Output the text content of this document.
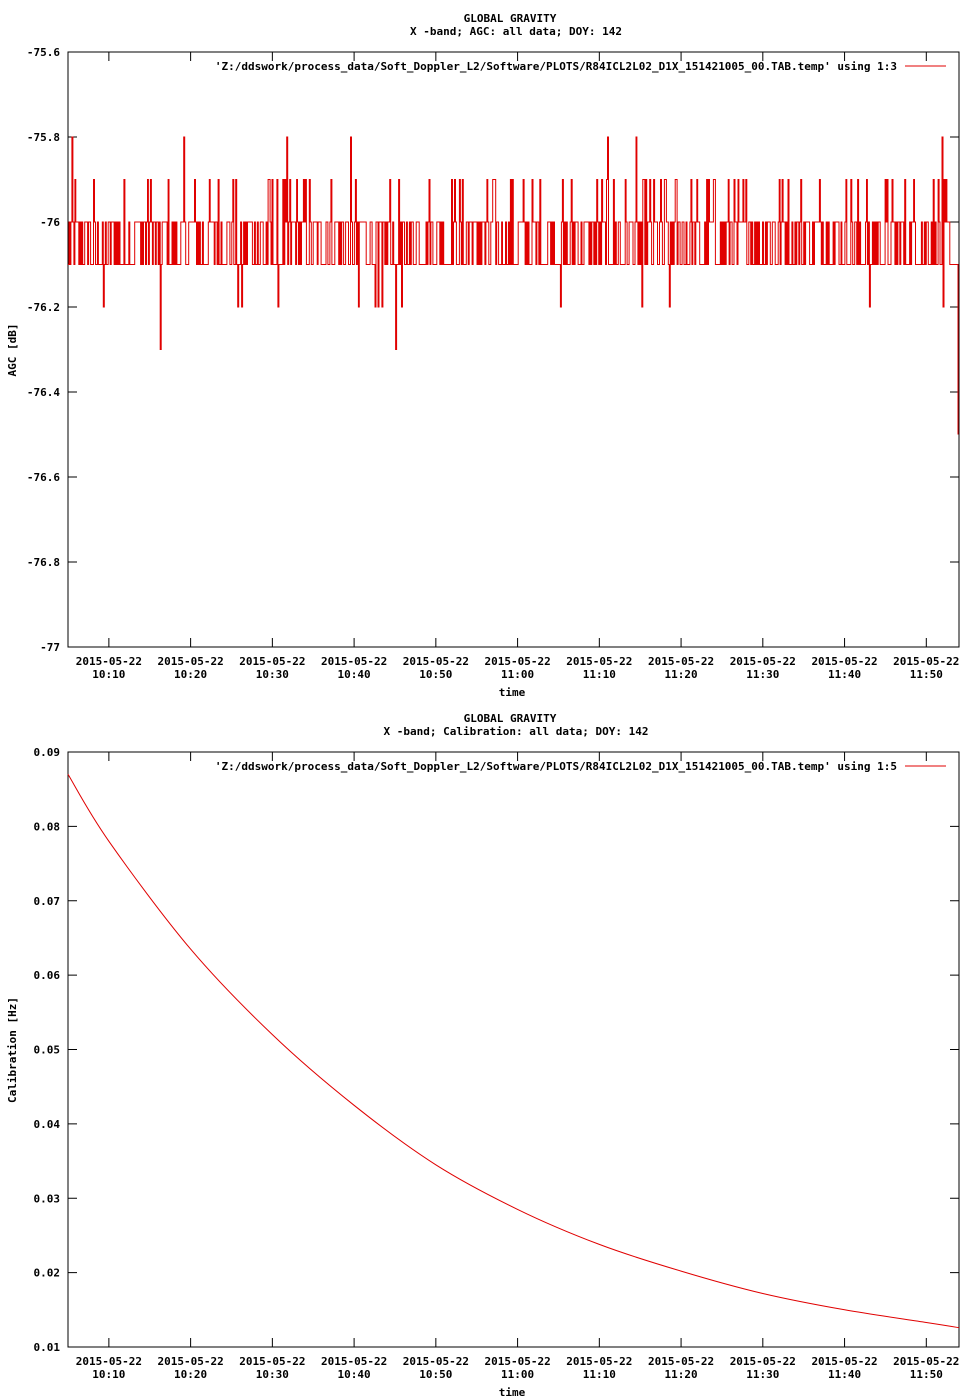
GLOBAL GRAVITY
X -band; AGC: all data; DOY: 142
AGC [dB]
time
'Z:/ddswork/process_data/Soft_Doppler_L2/Software/PLOTS/R84ICL2L02_D1X_151421005_00.TAB.temp' using 1:3
-75.6
-75.8
-76
-76.2
-76.4
-76.6
-76.8
-77
2015-05-22
10:10
2015-05-22
10:20
2015-05-22
10:30
2015-05-22
10:40
2015-05-22
10:50
2015-05-22
11:00
2015-05-22
11:10
2015-05-22
11:20
2015-05-22
11:30
2015-05-22
11:40
2015-05-22
11:50
GLOBAL GRAVITY
X -band; Calibration: all data; DOY: 142
Calibration [Hz]
time
'Z:/ddswork/process_data/Soft_Doppler_L2/Software/PLOTS/R84ICL2L02_D1X_151421005_00.TAB.temp' using 1:5
0.09
0.08
0.07
0.06
0.05
0.04
0.03
0.02
0.01
2015-05-22
10:10
2015-05-22
10:20
2015-05-22
10:30
2015-05-22
10:40
2015-05-22
10:50
2015-05-22
11:00
2015-05-22
11:10
2015-05-22
11:20
2015-05-22
11:30
2015-05-22
11:40
2015-05-22
11:50
